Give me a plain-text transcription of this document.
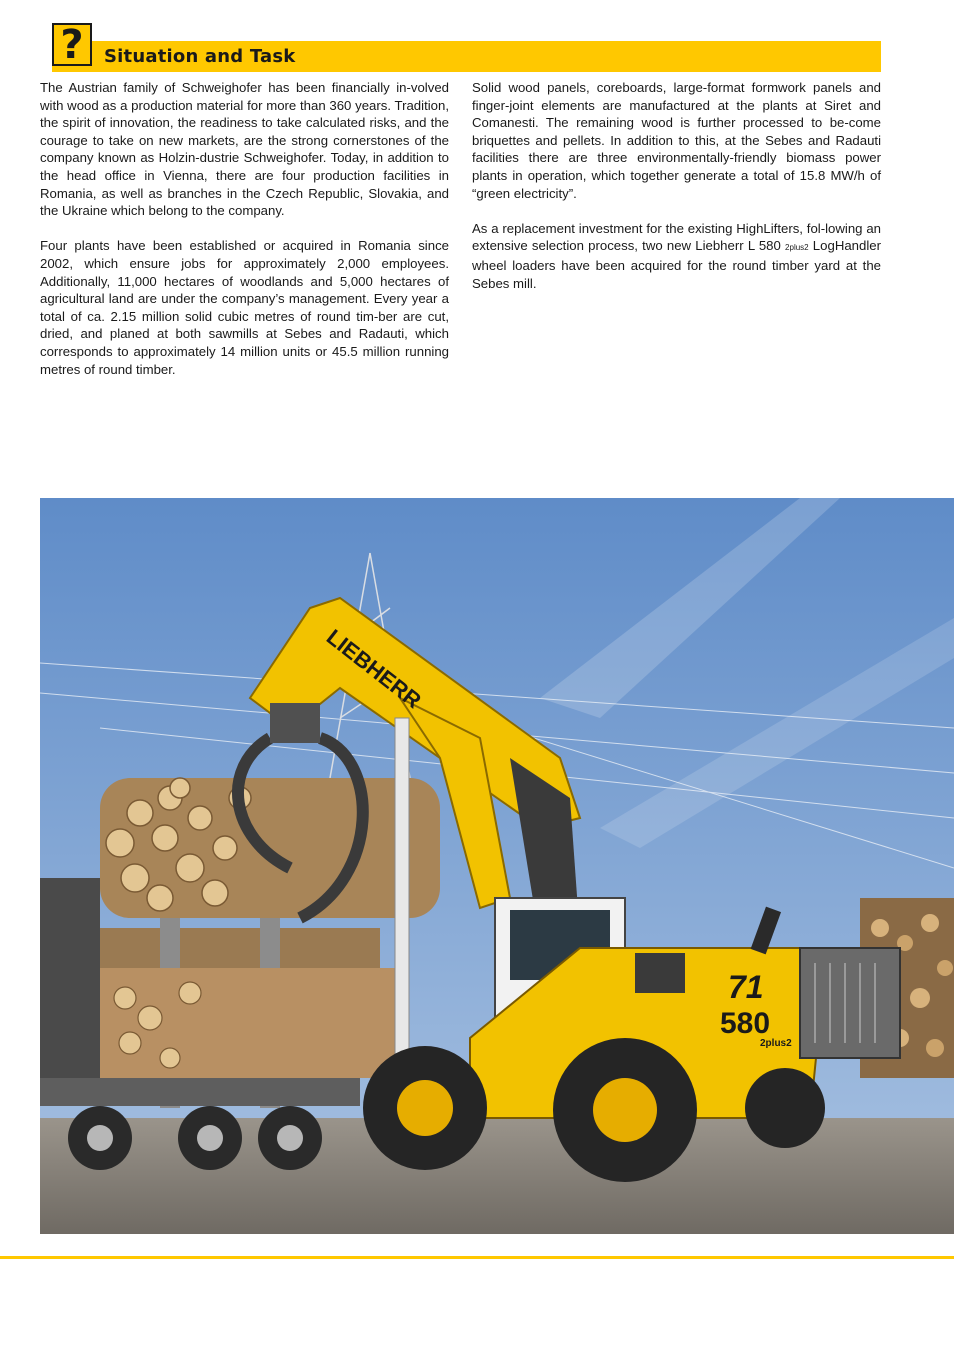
? Situation and Task

The Austrian family of Schweighofer has been financially in-volved with wood as a production material for more than 360 years. Tradition, the spirit of innovation, the readiness to take calculated risks, and the courage to take on new markets, are the strong cornerstones of the company known as Holzin-dustrie Schweighofer. Today, in addition to the head office in Vienna, there are four production facilities in Romania, as well as branches in the Czech Republic, Slovakia, and the Ukraine which belong to the company.

Four plants have been established or acquired in Romania since 2002, which ensure jobs for approximately 2,000 employees. Additionally, 11,000 hectares of woodlands and 5,000 hectares of agricultural land are under the company’s management. Every year a total of ca. 2.15 million solid cubic metres of round tim-ber are cut, dried, and planed at both sawmills at Sebes and Radauti, which corresponds to approximately 14 million units or 45.5 million running metres of round timber.

Solid wood panels, coreboards, large-format formwork panels and finger-joint elements are manufactured at the plants at Siret and Comanesti. The remaining wood is further processed to be-come briquettes and pellets. In addition to this, at the Sebes and Radauti facilities there are three environmentally-friendly biomass power plants in operation, which together generate a total of 15.8 MW/h of “green electricity”.

As a replacement investment for the existing HighLifters, fol-lowing an extensive selection process, two new Liebherr L 580 2plus2 LogHandler wheel loaders have been acquired for the round timber yard at the Sebes mill.

LIEBHERR
71
580
2plus2
